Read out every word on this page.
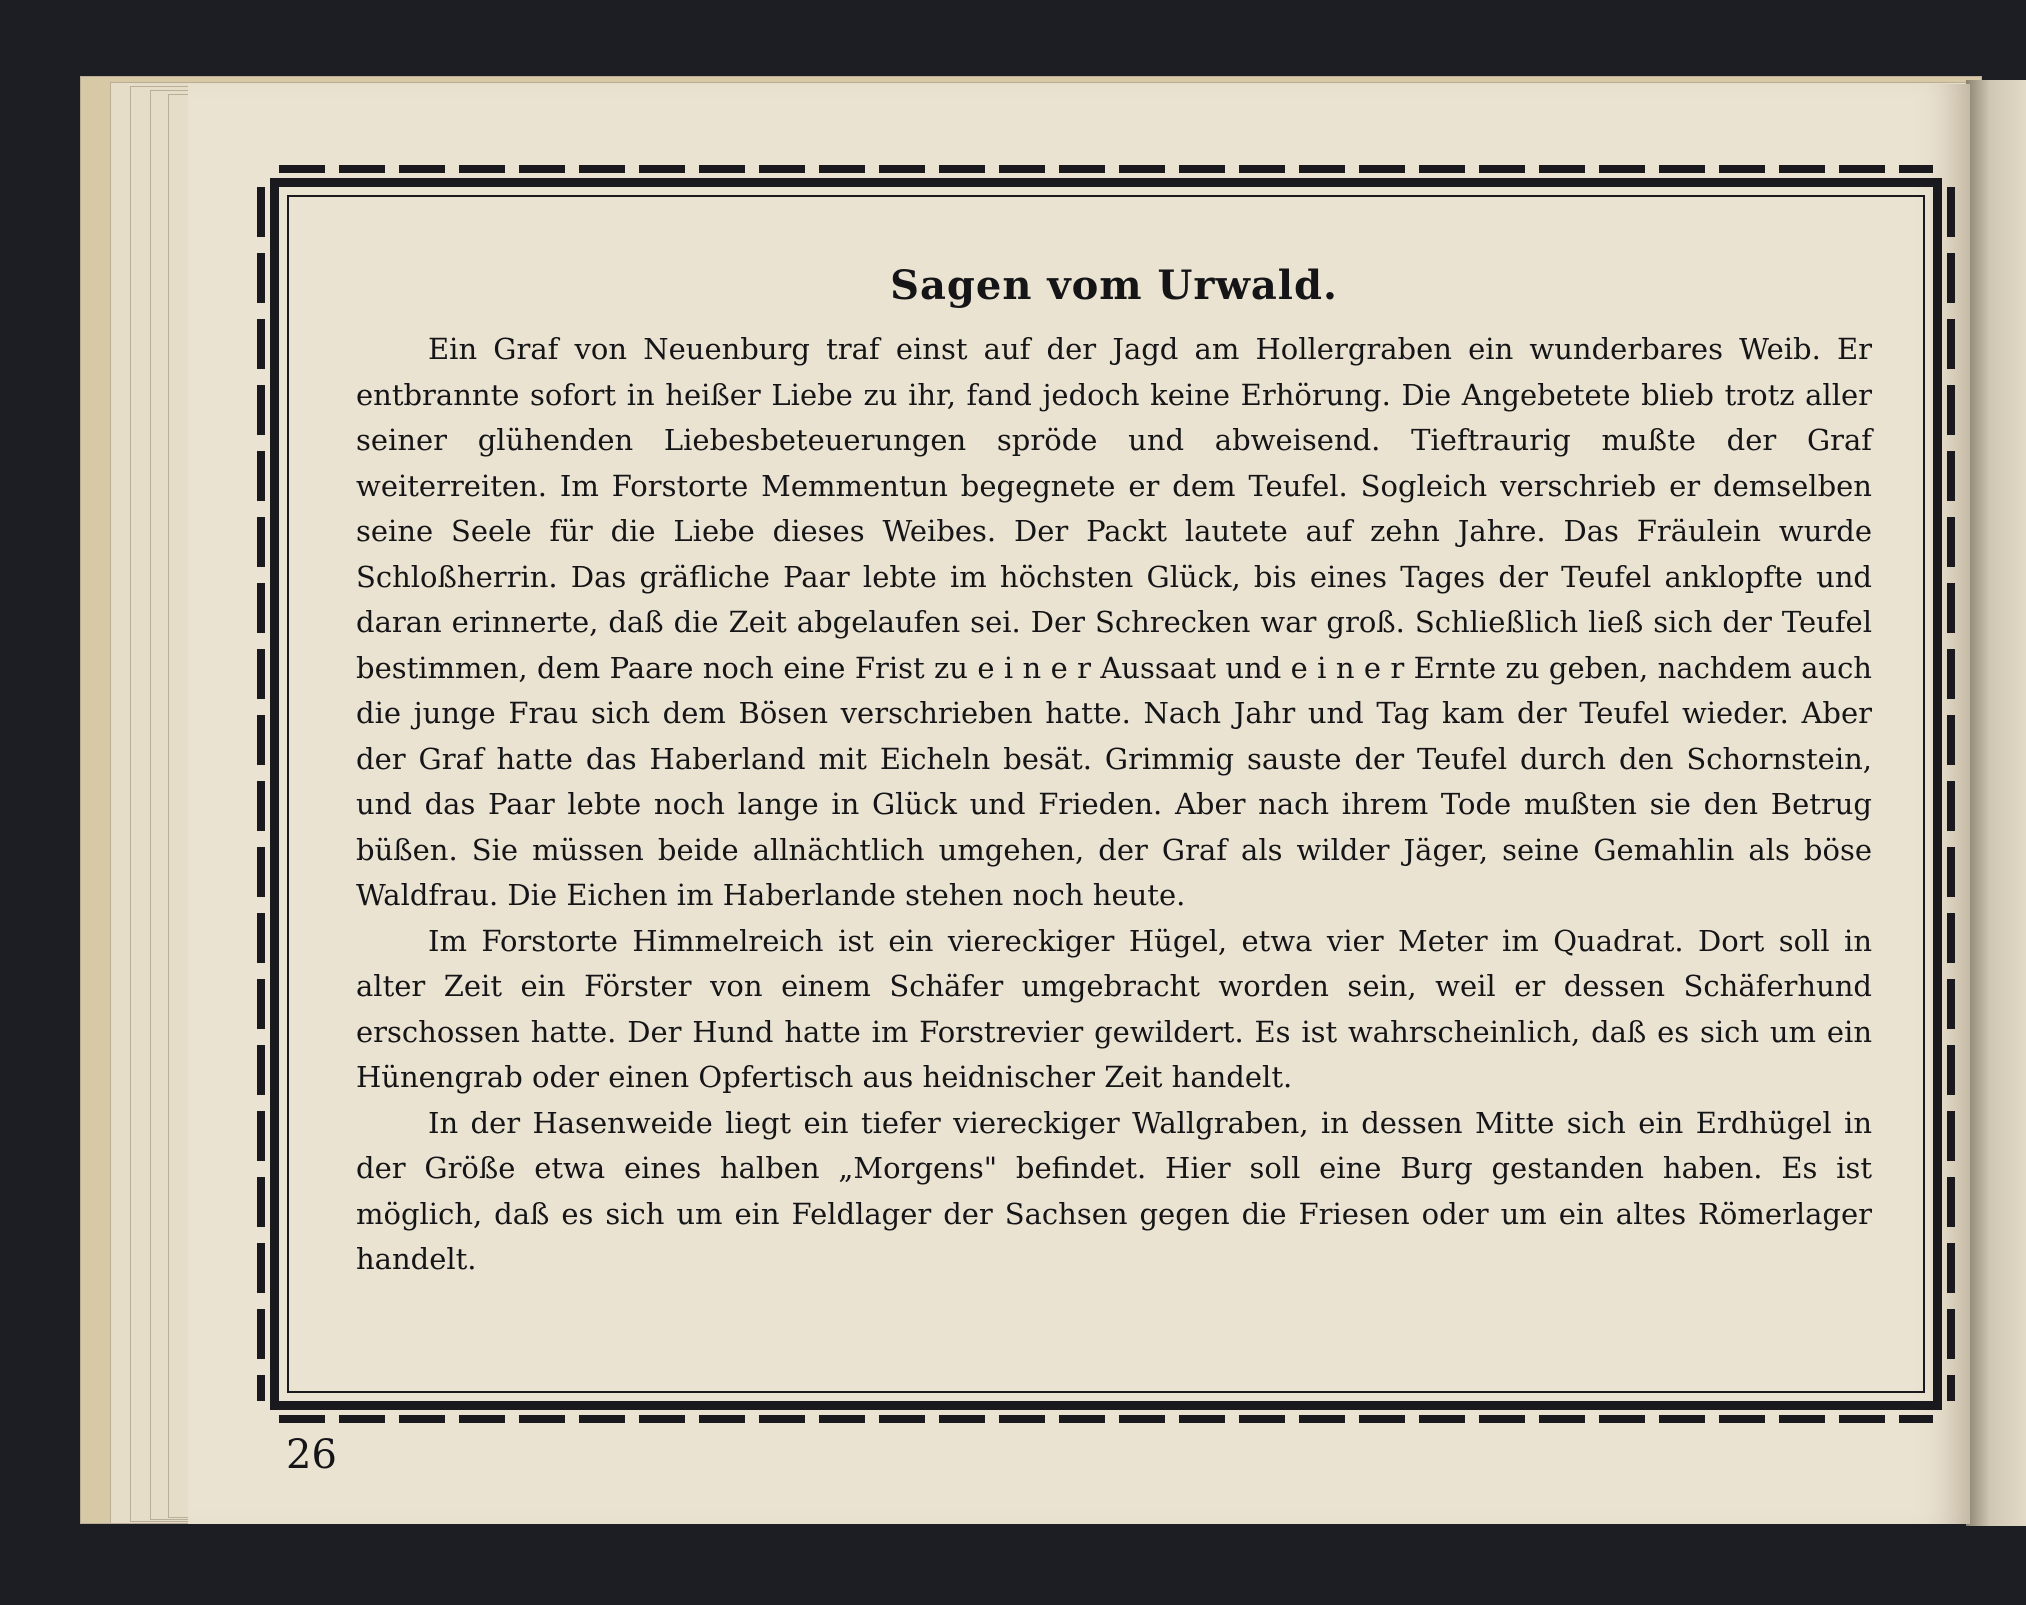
Sagen vom Urwald.

Ein Graf von Neuenburg traf einst auf der Jagd am Hollergraben ein wunderbares Weib. Er entbrannte sofort in heißer Liebe zu ihr, fand jedoch keine Erhörung. Die Angebetete blieb trotz aller seiner glühenden Liebesbeteuerungen spröde und abweisend. Tieftraurig mußte der Graf weiterreiten. Im Forstorte Memmentun begegnete er dem Teufel. Sogleich verschrieb er demselben seine Seele für die Liebe dieses Weibes. Der Packt lautete auf zehn Jahre. Das Fräulein wurde Schloßherrin. Das gräfliche Paar lebte im höchsten Glück, bis eines Tages der Teufel anklopfte und daran erinnerte, daß die Zeit abgelaufen sei. Der Schrecken war groß. Schließlich ließ sich der Teufel bestimmen, dem Paare noch eine Frist zu e i n e r Aussaat und e i n e r Ernte zu geben, nachdem auch die junge Frau sich dem Bösen verschrieben hatte. Nach Jahr und Tag kam der Teufel wieder. Aber der Graf hatte das Haberland mit Eicheln besät. Grimmig sauste der Teufel durch den Schornstein, und das Paar lebte noch lange in Glück und Frieden. Aber nach ihrem Tode mußten sie den Betrug büßen. Sie müssen beide allnächtlich umgehen, der Graf als wilder Jäger, seine Gemahlin als böse Waldfrau. Die Eichen im Haberlande stehen noch heute.

Im Forstorte Himmelreich ist ein viereckiger Hügel, etwa vier Meter im Quadrat. Dort soll in alter Zeit ein Förster von einem Schäfer umgebracht worden sein, weil er dessen Schäferhund erschossen hatte. Der Hund hatte im Forstrevier gewildert. Es ist wahrscheinlich, daß es sich um ein Hünengrab oder einen Opfertisch aus heidnischer Zeit handelt.

In der Hasenweide liegt ein tiefer viereckiger Wallgraben, in dessen Mitte sich ein Erdhügel in der Größe etwa eines halben „Morgens" befindet. Hier soll eine Burg gestanden haben. Es ist möglich, daß es sich um ein Feldlager der Sachsen gegen die Friesen oder um ein altes Römerlager handelt.

26
